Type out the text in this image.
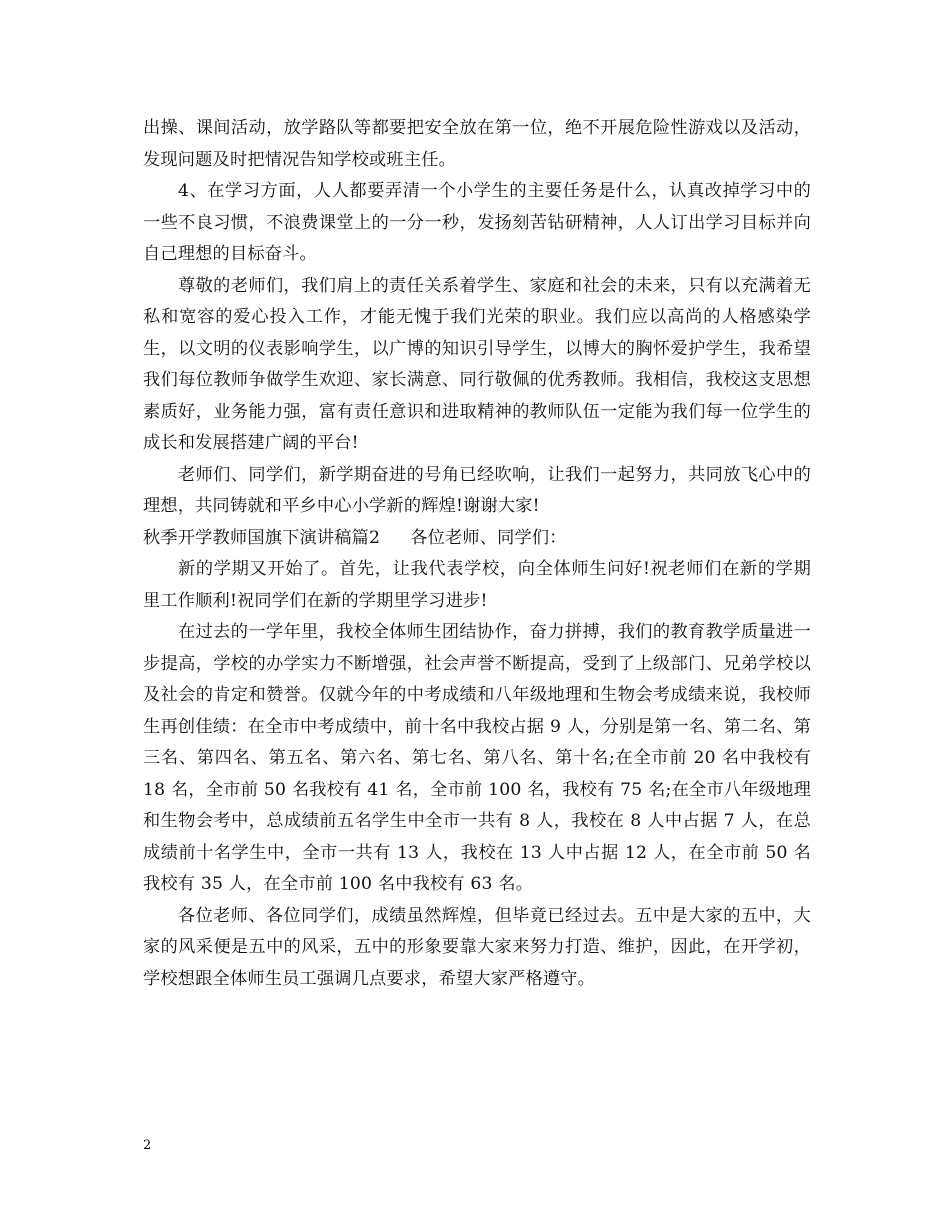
出操、课间活动，放学路队等都要把安全放在第一位，绝不开展危险性游戏以及活动，发现问题及时把情况告知学校或班主任。

4、在学习方面，人人都要弄清一个小学生的主要任务是什么，认真改掉学习中的一些不良习惯，不浪费课堂上的一分一秒，发扬刻苦钻研精神，人人订出学习目标并向自己理想的目标奋斗。

尊敬的老师们，我们肩上的责任关系着学生、家庭和社会的未来，只有以充满着无私和宽容的爱心投入工作，才能无愧于我们光荣的职业。我们应以高尚的人格感染学生，以文明的仪表影响学生，以广博的知识引导学生，以博大的胸怀爱护学生，我希望我们每位教师争做学生欢迎、家长满意、同行敬佩的优秀教师。我相信，我校这支思想素质好，业务能力强，富有责任意识和进取精神的教师队伍一定能为我们每一位学生的成长和发展搭建广阔的平台!

老师们、同学们，新学期奋进的号角已经吹响，让我们一起努力，共同放飞心中的理想，共同铸就和平乡中心小学新的辉煌!谢谢大家!

秋季开学教师国旗下演讲稿篇2 各位老师、同学们：

新的学期又开始了。首先，让我代表学校，向全体师生问好!祝老师们在新的学期里工作顺利!祝同学们在新的学期里学习进步!

在过去的一学年里，我校全体师生团结协作，奋力拼搏，我们的教育教学质量进一步提高，学校的办学实力不断增强，社会声誉不断提高，受到了上级部门、兄弟学校以及社会的肯定和赞誉。仅就今年的中考成绩和八年级地理和生物会考成绩来说，我校师生再创佳绩：在全市中考成绩中，前十名中我校占据 9 人，分别是第一名、第二名、第三名、第四名、第五名、第六名、第七名、第八名、第十名;在全市前 20 名中我校有 18 名，全市前 50 名我校有 41 名，全市前 100 名，我校有 75 名;在全市八年级地理和生物会考中，总成绩前五名学生中全市一共有 8 人，我校在 8 人中占据 7 人，在总成绩前十名学生中，全市一共有 13 人，我校在 13 人中占据 12 人，在全市前 50 名我校有 35 人，在全市前 100 名中我校有 63 名。

各位老师、各位同学们，成绩虽然辉煌，但毕竟已经过去。五中是大家的五中，大家的风采便是五中的风采，五中的形象要靠大家来努力打造、维护，因此，在开学初，学校想跟全体师生员工强调几点要求，希望大家严格遵守。

2
